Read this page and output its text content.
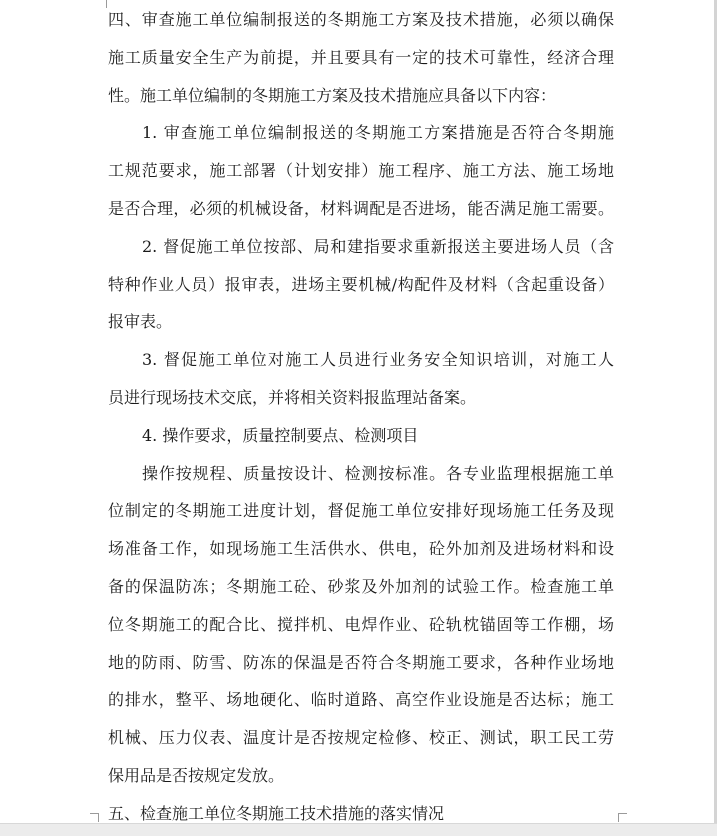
四、审查施工单位编制报送的冬期施工方案及技术措施，必须以确保
施工质量安全生产为前提，并且要具有一定的技术可靠性，经济合理
性。施工单位编制的冬期施工方案及技术措施应具备以下内容：
1. 审查施工单位编制报送的冬期施工方案措施是否符合冬期施
工规范要求，施工部署（计划安排）施工程序、施工方法、施工场地
是否合理，必须的机械设备，材料调配是否进场，能否满足施工需要。
2. 督促施工单位按部、局和建指要求重新报送主要进场人员（含
特种作业人员）报审表，进场主要机械/构配件及材料（含起重设备）
报审表。
3. 督促施工单位对施工人员进行业务安全知识培训，对施工人
员进行现场技术交底，并将相关资料报监理站备案。
4. 操作要求，质量控制要点、检测项目
操作按规程、质量按设计、检测按标准。各专业监理根据施工单
位制定的冬期施工进度计划，督促施工单位安排好现场施工任务及现
场准备工作，如现场施工生活供水、供电，砼外加剂及进场材料和设
备的保温防冻；冬期施工砼、砂浆及外加剂的试验工作。检查施工单
位冬期施工的配合比、搅拌机、电焊作业、砼轨枕锚固等工作棚，场
地的防雨、防雪、防冻的保温是否符合冬期施工要求，各种作业场地
的排水，整平、场地硬化、临时道路、高空作业设施是否达标；施工
机械、压力仪表、温度计是否按规定检修、校正、测试，职工民工劳
保用品是否按规定发放。
五、检查施工单位冬期施工技术措施的落实情况
